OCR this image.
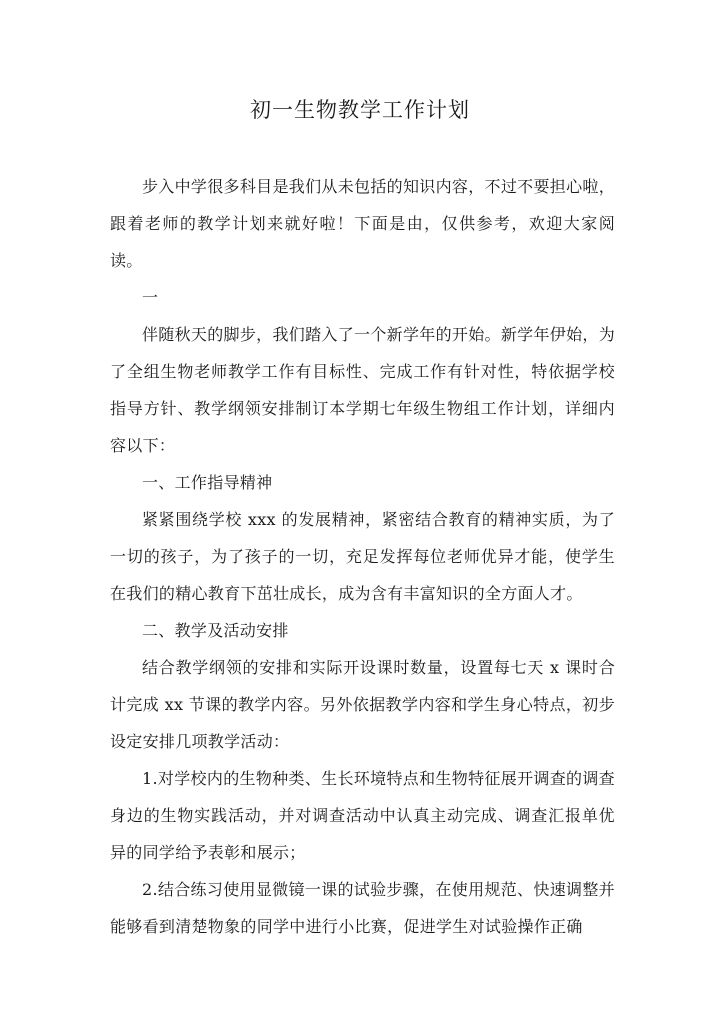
初一生物教学工作计划

步入中学很多科目是我们从未包括的知识内容，不过不要担心啦，跟着老师的教学计划来就好啦！下面是由，仅供参考，欢迎大家阅读。

一

伴随秋天的脚步，我们踏入了一个新学年的开始。新学年伊始，为了全组生物老师教学工作有目标性、完成工作有针对性，特依据学校指导方针、教学纲领安排制订本学期七年级生物组工作计划，详细内容以下：

一、工作指导精神

紧紧围绕学校 xxx 的发展精神，紧密结合教育的精神实质，为了一切的孩子，为了孩子的一切，充足发挥每位老师优异才能，使学生在我们的精心教育下茁壮成长，成为含有丰富知识的全方面人才。

二、教学及活动安排

结合教学纲领的安排和实际开设课时数量，设置每七天 x 课时合计完成 xx 节课的教学内容。另外依据教学内容和学生身心特点，初步设定安排几项教学活动：

1.对学校内的生物种类、生长环境特点和生物特征展开调查的调查身边的生物实践活动，并对调查活动中认真主动完成、调查汇报单优异的同学给予表彰和展示；

2.结合练习使用显微镜一课的试验步骤，在使用规范、快速调整并能够看到清楚物象的同学中进行小比赛，促进学生对试验操作正确
